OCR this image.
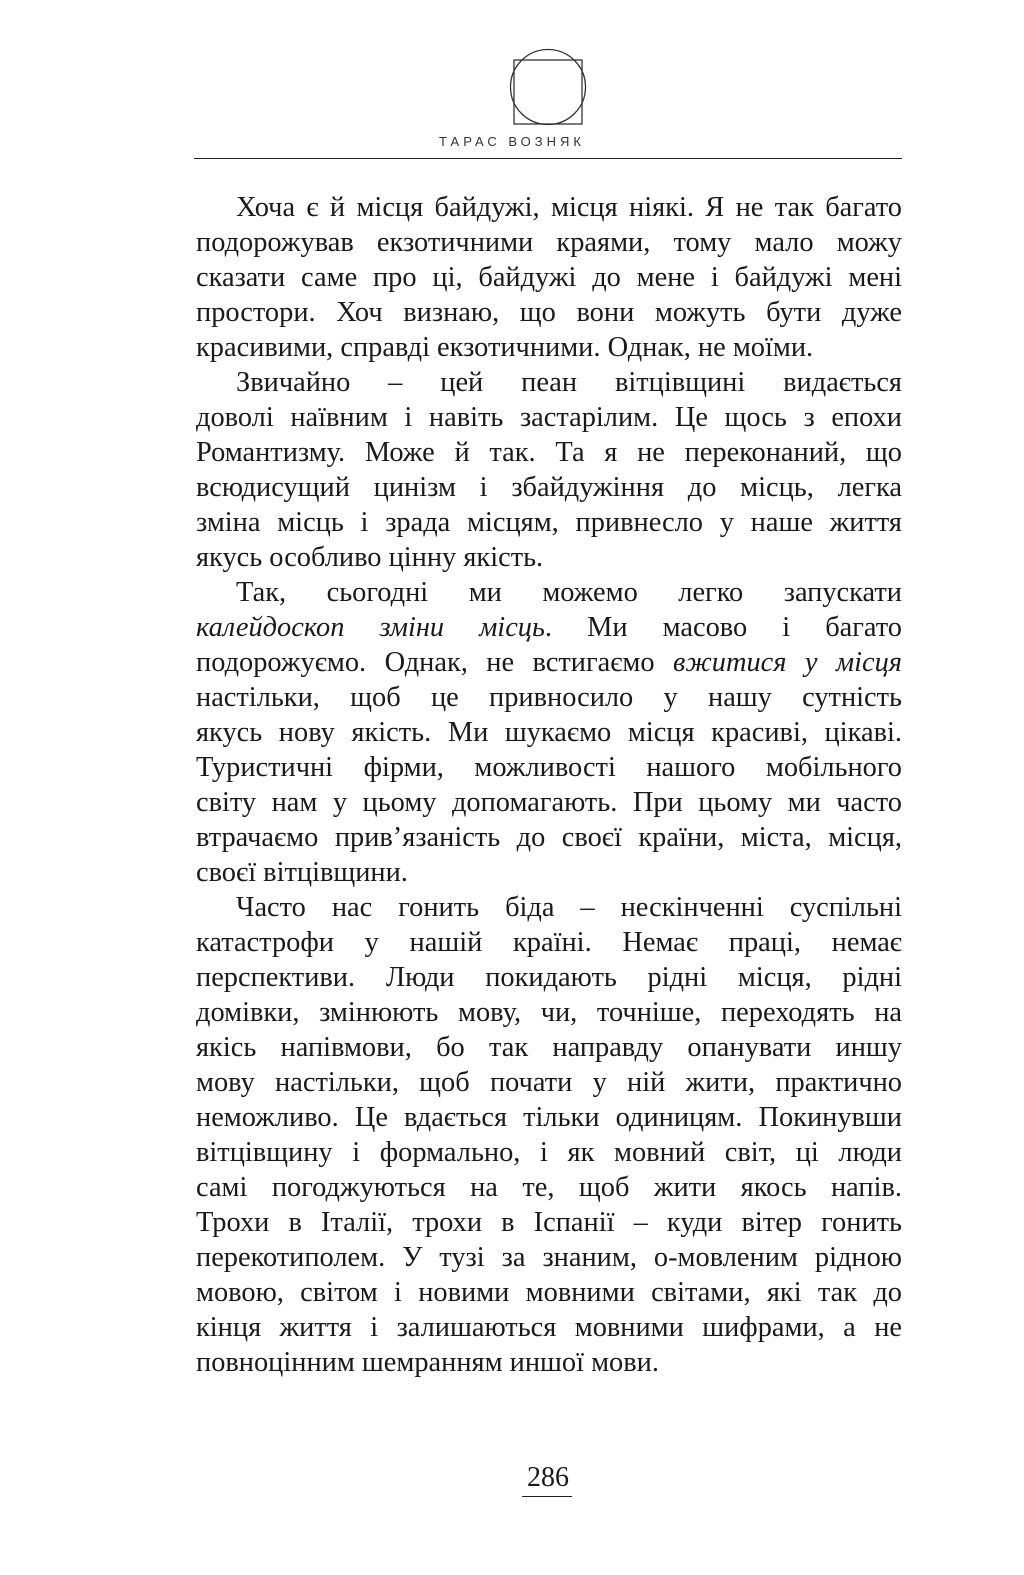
ТАРАС ВОЗНЯК

Хоча є й місця байдужі, місця ніякі. Я не так багато
подорожував екзотичними краями, тому мало можу
сказати саме про ці, байдужі до мене і байдужі мені
простори. Хоч визнаю, що вони можуть бути дуже
красивими, справді екзотичними. Однак, не моїми.

Звичайно – цей пеан вітцівщині видається
доволі наївним і навіть застарілим. Це щось з епохи
Романтизму. Може й так. Та я не переконаний, що
всюдисущий цинізм і збайдужіння до місць, легка
зміна місць і зрада місцям, привнесло у наше життя
якусь особливо цінну якість.

Так, сьогодні ми можемо легко запускати
калейдоскоп зміни місць. Ми масово і багато
подорожуємо. Однак, не встигаємо вжитися у місця
настільки, щоб це привносило у нашу сутність
якусь нову якість. Ми шукаємо місця красиві, цікаві.
Туристичні фірми, можливості нашого мобільного
світу нам у цьому допомагають. При цьому ми часто
втрачаємо прив’язаність до своєї країни, міста, місця,
своєї вітцівщини.

Часто нас гонить біда – нескінченні суспільні
катастрофи у нашій країні. Немає праці, немає
перспективи. Люди покидають рідні місця, рідні
домівки, змінюють мову, чи, точніше, переходять на
якісь напівмови, бо так направду опанувати иншу
мову настільки, щоб почати у ній жити, практично
неможливо. Це вдається тільки одиницям. Покинувши
вітцівщину і формально, і як мовний світ, ці люди
самі погоджуються на те, щоб жити якось напів.
Трохи в Італії, трохи в Іспанії – куди вітер гонить
перекотиполем. У тузі за знаним, о-мовленим рідною
мовою, світом і новими мовними світами, які так до
кінця життя і залишаються мовними шифрами, а не
повноцінним шемранням иншої мови.

286
